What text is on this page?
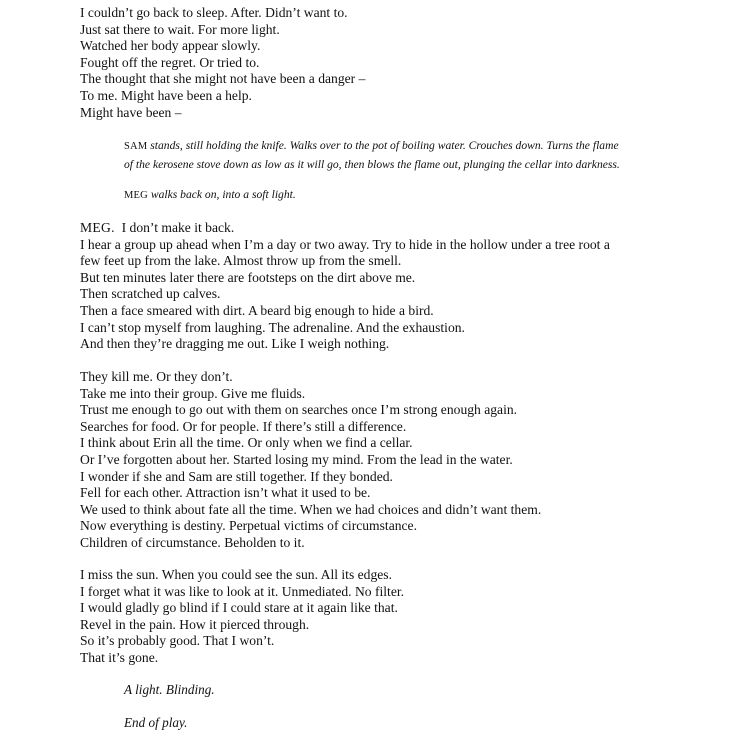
I couldn’t go back to sleep. After. Didn’t want to.
Just sat there to wait. For more light.
Watched her body appear slowly.
Fought off the regret. Or tried to.
The thought that she might not have been a danger –
To me. Might have been a help.
Might have been –
SAM stands, still holding the knife. Walks over to the pot of boiling water. Crouches down. Turns the flame
of the kerosene stove down as low as it will go, then blows the flame out, plunging the cellar into darkness.
MEG walks back on, into a soft light.
MEG.  I don’t make it back.
I hear a group up ahead when I’m a day or two away. Try to hide in the hollow under a tree root a
few feet up from the lake. Almost throw up from the smell.
But ten minutes later there are footsteps on the dirt above me.
Then scratched up calves.
Then a face smeared with dirt. A beard big enough to hide a bird.
I can’t stop myself from laughing. The adrenaline. And the exhaustion.
And then they’re dragging me out. Like I weigh nothing.
They kill me. Or they don’t.
Take me into their group. Give me fluids.
Trust me enough to go out with them on searches once I’m strong enough again.
Searches for food. Or for people. If there’s still a difference.
I think about Erin all the time. Or only when we find a cellar.
Or I’ve forgotten about her. Started losing my mind. From the lead in the water.
I wonder if she and Sam are still together. If they bonded.
Fell for each other. Attraction isn’t what it used to be.
We used to think about fate all the time. When we had choices and didn’t want them.
Now everything is destiny. Perpetual victims of circumstance.
Children of circumstance. Beholden to it.
I miss the sun. When you could see the sun. All its edges.
I forget what it was like to look at it. Unmediated. No filter.
I would gladly go blind if I could stare at it again like that.
Revel in the pain. How it pierced through.
So it’s probably good. That I won’t.
That it’s gone.
A light. Blinding.
End of play.
